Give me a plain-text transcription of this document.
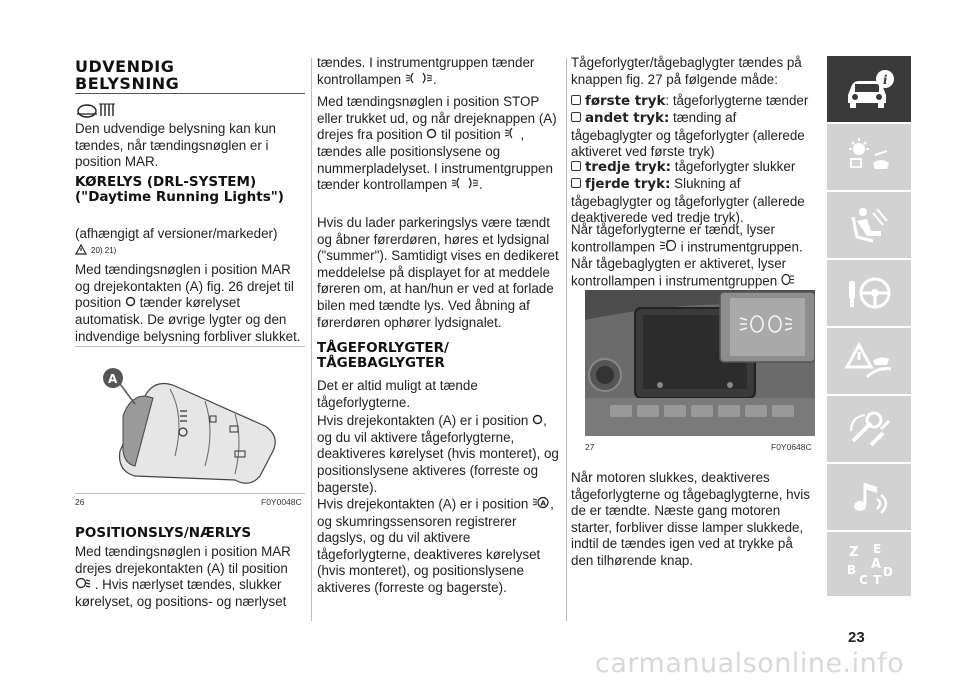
UDVENDIG

BELYSNING

Den udvendige belysning kan kun tændes, når tændingsnøglen er i position MAR.

KØRELYS (DRL-SYSTEM) ("Daytime Running Lights")

(afhængigt af versioner/markeder)

20) 21)

Med tændingsnøglen i position MAR og drejekontakten (A) fig. 26 drejet til position tænder kørelyset automatisk. De øvrige lygter og den indvendige belysning forbliver slukket.

A
26	F0Y0048C

POSITIONSLYS/NÆRLYS

Med tændingsnøglen i position MAR drejes drejekontakten (A) til position  . Hvis nærlyset tændes, slukker kørelyset, og positions- og nærlyset

tændes. I instrumentgruppen tænder kontrollampen .

Med tændingsnøglen i position STOP eller trukket ud, og når drejeknappen (A) drejes fra position til position , tændes alle positionslysene og nummerpladelyset. I instrumentgruppen tænder kontrollampen .

Hvis du lader parkeringslys være tændt og åbner førerdøren, høres et lydsignal ("summer"). Samtidigt vises en dedikeret meddelelse på displayet for at meddele føreren om, at han/hun er ved at forlade bilen med tændte lys. Ved åbning af førerdøren ophører lydsignalet.

TÅGEFORLYGTER/

TÅGEBAGLYGTER

Det er altid muligt at tænde tågeforlygterne.

Hvis drejekontakten (A) er i position , og du vil aktivere tågeforlygterne, deaktiveres kørelyset (hvis monteret), og positionslysene aktiveres (forreste og bagerste).

Hvis drejekontakten (A) er i position A , og skumringssensoren registrerer dagslys, og du vil aktivere tågeforlygterne, deaktiveres kørelyset (hvis monteret), og positionslysene aktiveres (forreste og bagerste).

Tågeforlygter/tågebaglygter tændes på knappen fig. 27 på følgende måde:

første tryk: tågeforlygterne tænder

andet tryk: tænding af tågebaglygter og tågeforlygter (allerede aktiveret ved første tryk)

tredje tryk: tågeforlygter slukker

fjerde tryk: Slukning af tågebaglygter og tågeforlygter (allerede deaktiverede ved tredje tryk).

Når tågeforlygterne er tændt, lyser kontrollampen i instrumentgruppen. Når tågebaglygten er aktiveret, lyser kontrollampen i instrumentgruppen

27	F0Y0648C

Når motoren slukkes, deaktiveres tågeforlygterne og tågebaglygterne, hvis de er tændte. Næste gang motoren starter, forbliver disse lamper slukkede, indtil de tændes igen ved at trykke på den tilhørende knap.

i
Z E
A
B D
C T
23
carmanualsonline.info
